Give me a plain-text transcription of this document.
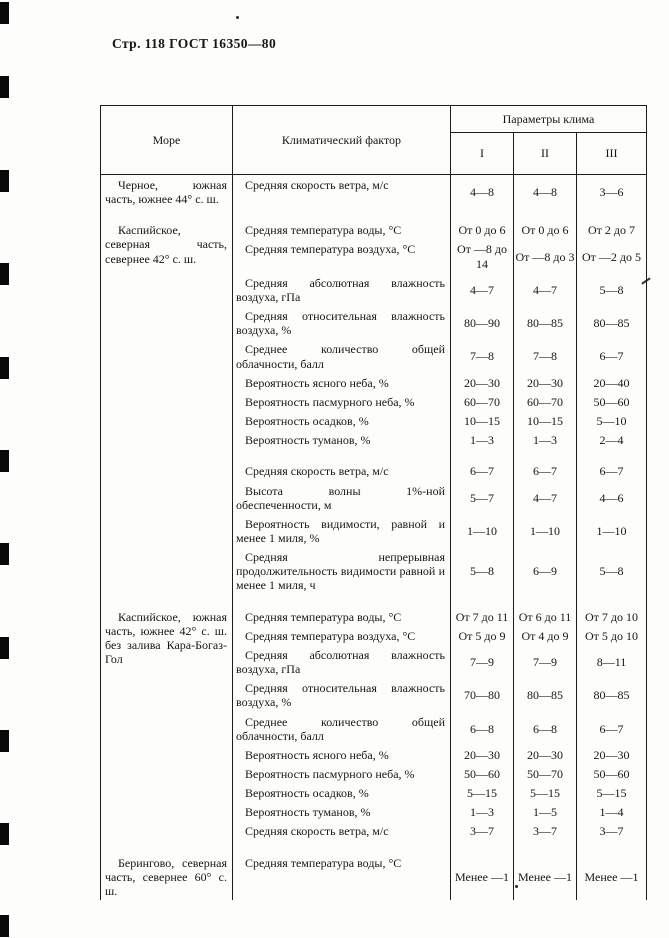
Стр. 118 ГОСТ 16350—80
Море	Климатический фактор	Параметры клима		
		I	II	III
Черное, южная часть, южнее 44° с. ш.	Средняя скорость ветра, м/с	4—8	4—8	3—6
Каспийское, северная часть, севернее 42° с. ш.	Средняя температура воды, °С	От 0 до 6	От 0 до 6	От 2 до 7
	Средняя температура воздуха, °С	От —8 до 14	От —8 до 3	От —2 до 5
	Средняя абсолютная влажность воздуха, гПа	4—7	4—7	5—8
	Средняя относительная влажность воздуха, %	80—90	80—85	80—85
	Среднее количество общей облачности, балл	7—8	7—8	6—7
	Вероятность ясного неба, %	20—30	20—30	20—40
	Вероятность пасмурного неба, %	60—70	60—70	50—60
	Вероятность осадков, %	10—15	10—15	5—10
	Вероятность туманов, %	1—3	1—3	2—4
	Средняя скорость ветра, м/с	6—7	6—7	6—7
	Высота волны 1%-ной обеспеченности, м	5—7	4—7	4—6
	Вероятность видимости, равной и менее 1 миля, %	1—10	1—10	1—10
	Средняя непрерывная продолжительность видимости равной и менее 1 миля, ч	5—8	6—9	5—8
Каспийское, южная часть, южнее 42° с. ш. без залива Кара-Богаз-Гол	Средняя температура воды, °С	От 7 до 11	От 6 до 11	От 7 до 10
	Средняя температура воздуха, °С	От 5 до 9	От 4 до 9	От 5 до 10
	Средняя абсолютная влажность воздуха, гПа	7—9	7—9	8—11
	Средняя относительная влажность воздуха, %	70—80	80—85	80—85
	Среднее количество общей облачности, балл	6—8	6—8	6—7
	Вероятность ясного неба, %	20—30	20—30	20—30
	Вероятность пасмурного неба, %	50—60	50—70	50—60
	Вероятность осадков, %	5—15	5—15	5—15
	Вероятность туманов, %	1—3	1—5	1—4
	Средняя скорость ветра, м/с	3—7	3—7	3—7
Берингово, северная часть, севернее 60° с. ш.	Средняя температура воды, °С	Менее —1	Менее —1	Менее —1
